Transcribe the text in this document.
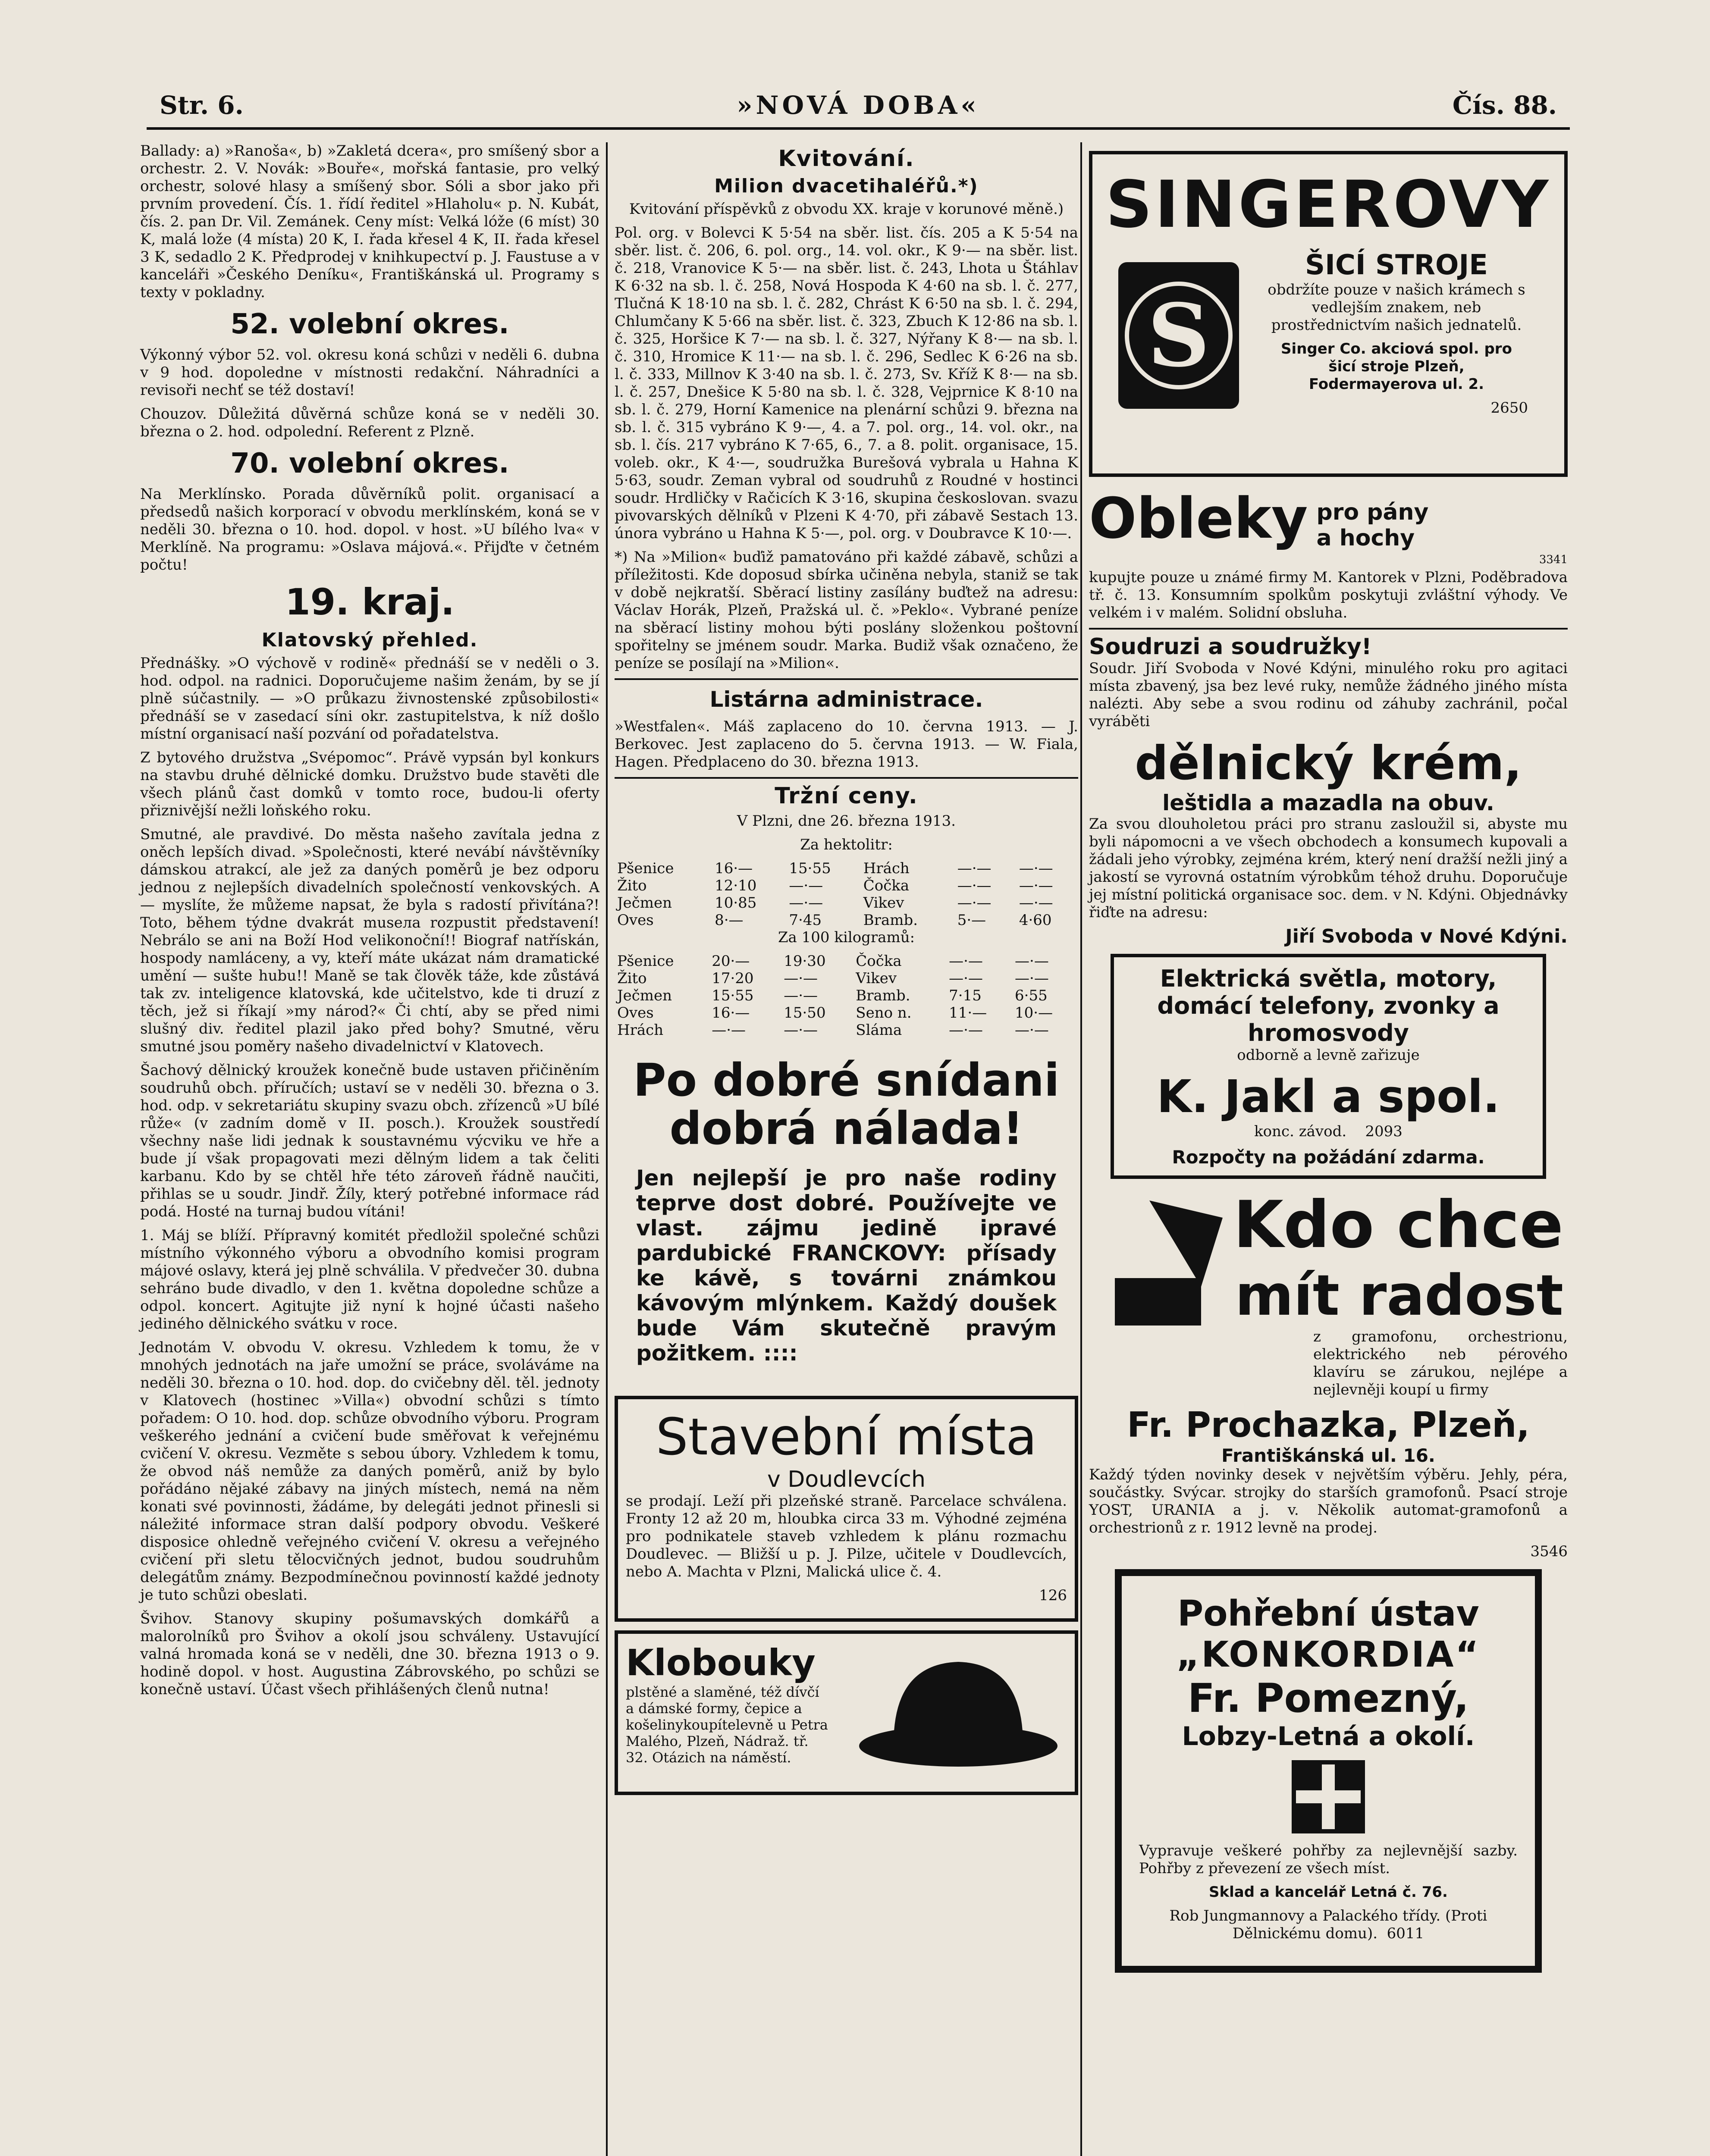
Str. 6.	»NOVÁ DOBA«	Čís. 88.

Ballady: a) »Ranoša«, b) »Zakletá dcera«, pro smíšený sbor a orchestr. 2. V. Novák: »Bouře«, mořská fantasie, pro velký orchestr, solové hlasy a smíšený sbor. Sóli a sbor jako při prvním provedení. Čís. 1. řídí ředitel »Hlaholu« p. N. Kubát, čís. 2. pan Dr. Vil. Zemánek. Ceny míst: Velká lóže (6 míst) 30 K, malá lože (4 místa) 20 K, I. řada křesel 4 K, II. řada křesel 3 K, sedadlo 2 K. Předprodej v knihkupectví p. J. Faustuse a v kanceláři »Českého Deníku«, Františkánská ul. Programy s texty v pokladny.

52. volební okres.

Výkonný výbor 52. vol. okresu koná schůzi v neděli 6. dubna v 9 hod. dopoledne v místnosti redakční. Náhradníci a revisoři nechť se též dostaví!

Chouzov. Důležitá důvěrná schůze koná se v neděli 30. března o 2. hod. odpolední. Referent z Plzně.

70. volební okres.

Na Merklínsko. Porada důvěrníků polit. organisací a předsedů našich korporací v obvodu merklínském, koná se v neděli 30. března o 10. hod. dopol. v host. »U bílého lva« v Merklíně. Na programu: »Oslava májová.«. Přijďte v četném počtu!

19. kraj.
Klatovský přehled.

Přednášky. »O výchově v rodině« přednáší se v neděli o 3. hod. odpol. na radnici. Doporučujeme našim ženám, by se jí plně súčastnily. — »O průkazu živnostenské způsobilosti« přednáší se v zasedací síni okr. zastupitelstva, k níž došlo místní organisací naší pozvání od pořadatelstva.

Z bytového družstva „Svépomoc“. Právě vypsán byl konkurs na stavbu druhé dělnické domku. Družstvo bude stavěti dle všech plánů čast domků v tomto roce, budou-li oferty přiznivější nežli loňského roku.

Smutné, ale pravdivé. Do města našeho zavítala jedna z oněch lepších divad. »Společnosti, které nevábí návštěvníky dámskou atrakcí, ale jež za daných poměrů je bez odporu jednou z nejlepších divadelních společností venkovských. A — myslíte, že můžeme napsat, že byla s radostí přivítána?! Toto, během týdne dvakrát museла rozpustit představení! Nebrálo se ani na Boží Hod velikonoční!! Biograf natřískán, hospody namláceny, a vy, kteří máte ukázat nám dramatické umění — sušte hubu!! Maně se tak člověk táže, kde zůstává tak zv. inteligence klatovská, kde učitelstvo, kde ti druzí z těch, jež si říkají »my národ?« Či chtí, aby se před nimi slušný div. ředitel plazil jako před bohy? Smutné, věru smutné jsou poměry našeho divadelnictví v Klatovech.

Šachový dělnický kroužek konečně bude ustaven přičiněním soudruhů obch. příručích; ustaví se v neděli 30. března o 3. hod. odp. v sekretariátu skupiny svazu obch. zřízenců »U bílé růže« (v zadním domě v II. posch.). Kroužek soustředí všechny naše lidi jednak k soustavnému výcviku ve hře a bude jí však propagovati mezi dělným lidem a tak čeliti karbanu. Kdo by se chtěl hře této zároveň řádně naučiti, přihlas se u soudr. Jindř. Žíly, který potřebné informace rád podá. Hosté na turnaj budou vítáni!

1. Máj se blíží. Přípravný komitét předložil společné schůzi místního výkonného výboru a obvodního komisi program májové oslavy, která jej plně schválila. V předvečer 30. dubna sehráno bude divadlo, v den 1. května dopoledne schůze a odpol. koncert. Agitujte již nyní k hojné účasti našeho jediného dělnického svátku v roce.

Jednotám V. obvodu V. okresu. Vzhledem k tomu, že v mnohých jednotách na jaře umožní se práce, svoláváme na neděli 30. března o 10. hod. dop. do cvičebny děl. těl. jednoty v Klatovech (hostinec »Villa«) obvodní schůzi s tímto pořadem: O 10. hod. dop. schůze obvodního výboru. Program veškerého jednání a cvičení bude směřovat k veřejnému cvičení V. okresu. Vezměte s sebou úbory. Vzhledem k tomu, že obvod náš nemůže za daných poměrů, aniž by bylo pořádáno nějaké zábavy na jiných místech, nemá na něm konati své povinnosti, žádáme, by delegáti jednot přinesli si náležité informace stran další podpory obvodu. Veškeré disposice ohledně veřejného cvičení V. okresu a veřejného cvičení při sletu tělocvičných jednot, budou soudruhům delegátům známy. Bezpodmínečnou povinností každé jednoty je tuto schůzi obeslati.

Švihov. Stanovy skupiny pošumavských domkářů a malorolníků pro Švihov a okolí jsou schváleny. Ustavující valná hromada koná se v neděli, dne 30. března 1913 o 9. hodině dopol. v host. Augustina Zábrovského, po schůzi se konečně ustaví. Účast všech přihlášených členů nutna!

Kvitování.
Milion dvacetihaléřů.*)

Kvitování příspěvků z obvodu XX. kraje v korunové měně.)

Pol. org. v Bolevci K 5·54 na sběr. list. čís. 205 a K 5·54 na sběr. list. č. 206, 6. pol. org., 14. vol. okr., K 9·— na sběr. list. č. 218, Vranovice K 5·— na sběr. list. č. 243, Lhota u Štáhlav K 6·32 na sb. l. č. 258, Nová Hospoda K 4·60 na sb. l. č. 277, Tlučná K 18·10 na sb. l. č. 282, Chrást K 6·50 na sb. l. č. 294, Chlumčany K 5·66 na sběr. list. č. 323, Zbuch K 12·86 na sb. l. č. 325, Horšice K 7·— na sb. l. č. 327, Nýřany K 8·— na sb. l. č. 310, Hromice K 11·— na sb. l. č. 296, Sedlec K 6·26 na sb. l. č. 333, Millnov K 3·40 na sb. l. č. 273, Sv. Kříž K 8·— na sb. l. č. 257, Dnešice K 5·80 na sb. l. č. 328, Vejprnice K 8·10 na sb. l. č. 279, Horní Kamenice na plenární schůzi 9. března na sb. l. č. 315 vybráno K 9·—, 4. a 7. pol. org., 14. vol. okr., na sb. l. čís. 217 vybráno K 7·65, 6., 7. a 8. polit. organisace, 15. voleb. okr., K 4·—, soudružka Burešová vybrala u Hahna K 5·63, soudr. Zeman vybral od soudruhů z Roudné v hostinci soudr. Hrdličky v Račicích K 3·16, skupina českoslovan. svazu pivovarských dělníků v Plzeni K 4·70, při zábavě Sestach 13. února vybráno u Hahna K 5·—, pol. org. v Doubravce K 10·—.

*) Na »Milion« buďiž pamatováno při každé zábavě, schůzi a příležitosti. Kde doposud sbírka učiněna nebyla, staniž se tak v době nejkratší. Sběrací listiny zasílány buďtež na adresu: Václav Horák, Plzeň, Pražská ul. č. »Peklo«. Vybrané peníze na sběrací listiny mohou býti poslány složenkou poštovní spořitelny se jménem soudr. Marka. Budiž však označeno, že peníze se posílají na »Milion«.

Listárna administrace.

»Westfalen«. Máš zaplaceno do 10. června 1913. — J. Berkovec. Jest zaplaceno do 5. června 1913. — W. Fiala, Hagen. Předplaceno do 30. března 1913.

Tržní ceny.

V Plzni, dne 26. března 1913.

Za hektolitr:

Pšenice	16·—	15·55	Hrách	—·—	—·—
Žito	12·10	—·—	Čočka	—·—	—·—
Ječmen	10·85	—·—	Vikev	—·—	—·—
Oves	8·—	7·45	Bramb.	5·—	4·60

Za 100 kilogramů:

Pšenice	20·—	19·30	Čočka	—·—	—·—
Žito	17·20	—·—	Vikev	—·—	—·—
Ječmen	15·55	—·—	Bramb.	7·15	6·55
Oves	16·—	15·50	Seno n.	11·—	10·—
Hrách	—·—	—·—	Sláma	—·—	—·—
Po dobré snídani
dobrá nálada!

Jen nejlepší je pro naše rodiny teprve dost dobré. Používejte ve vlast. zájmu jedině ipravé pardubické FRANCKOVY: přísady ke kávě, s továrni známkou kávovým mlýnkem. Každý doušek bude Vám skutečně pravým požitkem. ::::

Stavební místa
v Doudlevcích

se prodají. Leží při plzeňské straně. Parcelace schválena. Fronty 12 až 20 m, hloubka circa 33 m. Výhodné zejména pro podnikatele staveb vzhledem k plánu rozmachu Doudlevec. — Bližší u p. J. Pilze, učitele v Doudlevcích, nebo A. Machta v Plzni, Malická ulice č. 4.

126

Klobouky

plstěné a slaměné, též dívčí a dámské formy, čepice a košelinykoupítelevně u Petra Malého, Plzeň, Nádraž. tř. 32. Otázich na náměstí.

SINGEROVY
S
ŠICÍ STROJE

obdržíte pouze v našich krámech s vedlejším znakem, neb prostřednictvím našich jednatelů.

Singer Co. akciová spol. pro šicí stroje Plzeň, Fodermayerova ul. 2.

2650

Obleky pro pány a hochy

3341

kupujte pouze u známé firmy M. Kantorek v Plzni, Poděbradova tř. č. 13. Konsumním spolkům poskytuji zvláštní výhody. Ve velkém i v malém. Solidní obsluha.

Soudruzi a soudružky!

Soudr. Jiří Svoboda v Nové Kdýni, minulého roku pro agitaci místa zbavený, jsa bez levé ruky, nemůže žádného jiného místa nalézti. Aby sebe a svou rodinu od záhuby zachránil, počal vyráběti

dělnický krém,
leštidla a mazadla na obuv.

Za svou dlouholetou práci pro stranu zasloužil si, abyste mu byli nápomocni a ve všech obchodech a konsumech kupovali a žádali jeho výrobky, zejména krém, který není dražší nežli jiný a jakostí se vyrovná ostatním výrobkům téhož druhu. Doporučuje jej místní politická organisace soc. dem. v N. Kdýni. Objednávky řiďte na adresu:

Jiří Svoboda v Nové Kdýni.

Elektrická světla, motory, domácí telefony, zvonky a hromosvody

odborně a levně zařizuje

K. Jakl a spol.

konc. závod. 2093

Rozpočty na požádání zdarma.
Kdo chce
mít radost

z gramofonu, orchestrionu, elektrického neb pérového klavíru se zárukou, nejlépe a nejlevněji koupí u firmy

Fr. Prochazka, Plzeň,
Františkánská ul. 16.

Každý týden novinky desek v největším výběru. Jehly, péra, součástky. Svýcar. strojky do starších gramofonů. Psací stroje YOST, URANIA a j. v. Několik automat-gramofonů a orchestrionů z r. 1912 levně na prodej.

3546

Pohřební ústav
„KONKORDIA“
Fr. Pomezný,
Lobzy-Letná a okolí.

Vypravuje veškeré pohřby za nejlevnější sazby. Pohřby z převezení ze všech míst.

Sklad a kancelář Letná č. 76.

Rob Jungmannovy a Palackého třídy. (Proti Dělnickému domu). 6011
